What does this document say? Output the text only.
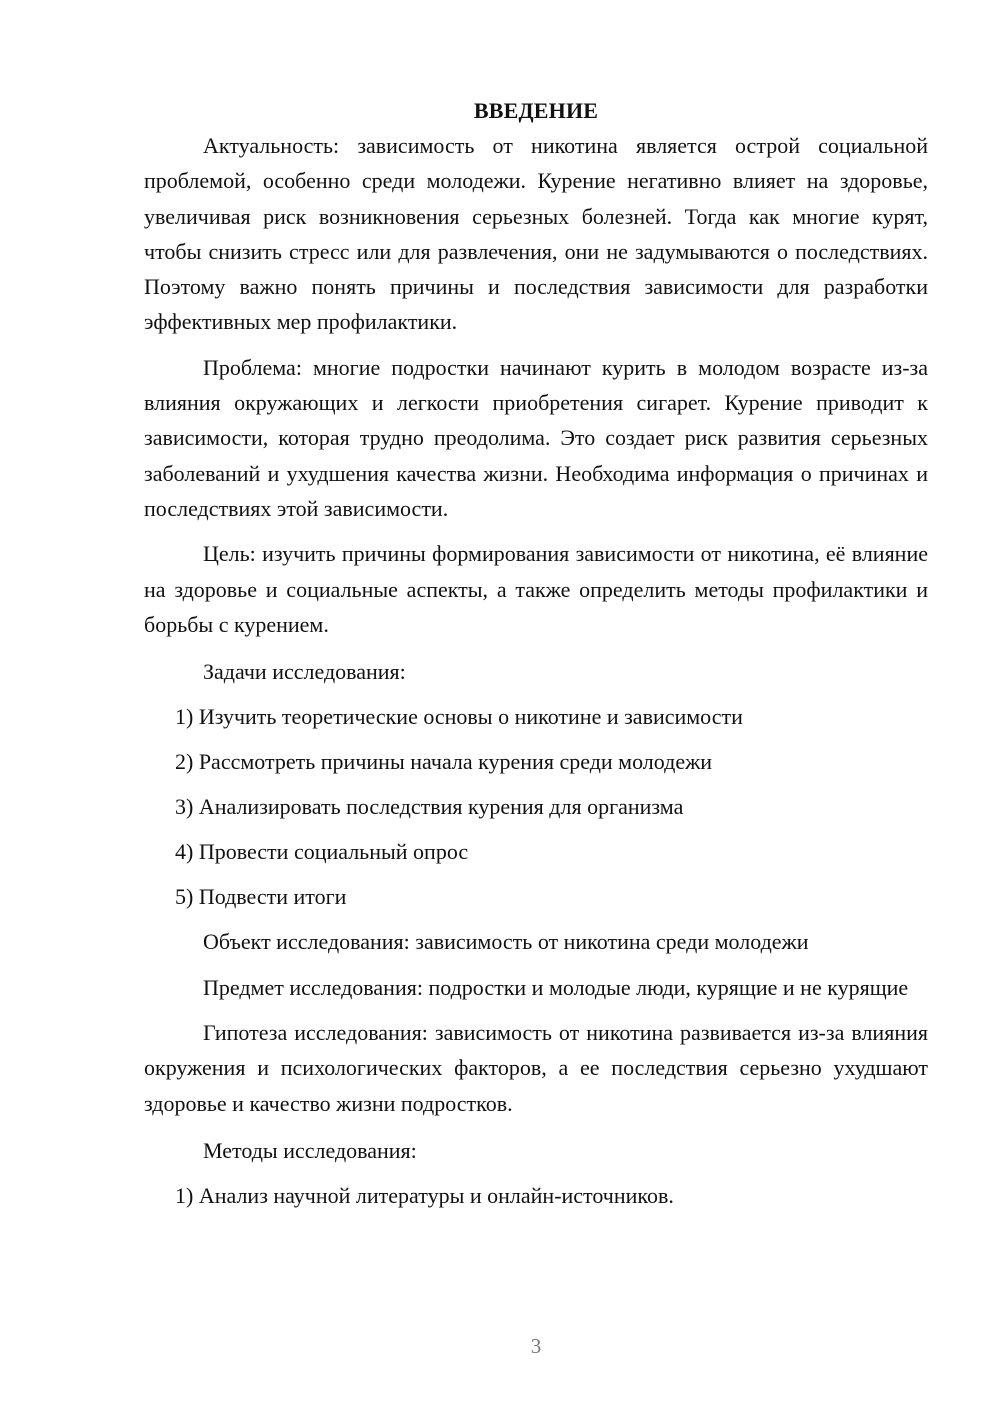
ВВЕДЕНИЕ

Актуальность: зависимость от никотина является острой социальной проблемой, особенно среди молодежи. Курение негативно влияет на здоровье, увеличивая риск возникновения серьезных болезней. Тогда как многие курят, чтобы снизить стресс или для развлечения, они не задумываются о последствиях. Поэтому важно понять причины и последствия зависимости для разработки эффективных мер профилактики.

Проблема: многие подростки начинают курить в молодом возрасте из-за влияния окружающих и легкости приобретения сигарет. Курение приводит к зависимости, которая трудно преодолима. Это создает риск развития серьезных заболеваний и ухудшения качества жизни. Необходима информация о причинах и последствиях этой зависимости.

Цель: изучить причины формирования зависимости от никотина, её влияние на здоровье и социальные аспекты, а также определить методы профилактики и борьбы с курением.

Задачи исследования:

1) Изучить теоретические основы о никотине и зависимости

2) Рассмотреть причины начала курения среди молодежи

3) Анализировать последствия курения для организма

4) Провести социальный опрос

5) Подвести итоги

Объект исследования: зависимость от никотина среди молодежи

Предмет исследования: подростки и молодые люди, курящие и не курящие

Гипотеза исследования: зависимость от никотина развивается из-за влияния окружения и психологических факторов, а ее последствия серьезно ухудшают здоровье и качество жизни подростков.

Методы исследования:

1) Анализ научной литературы и онлайн-источников.

3
